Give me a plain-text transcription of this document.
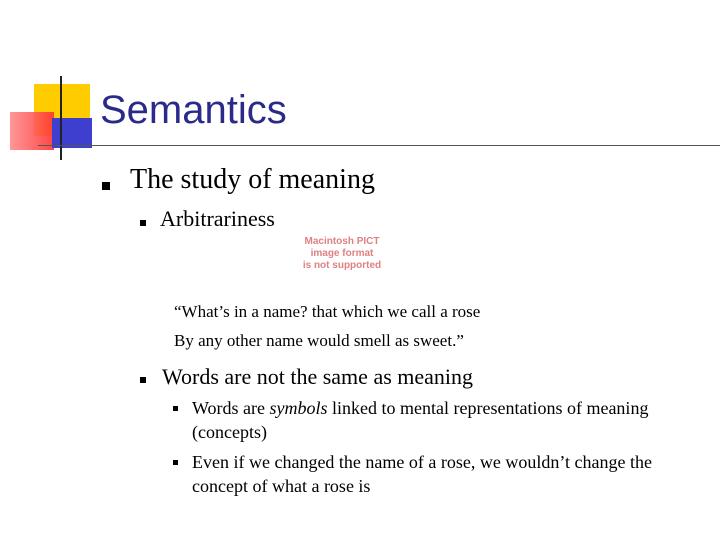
Semantics
The study of meaning
Arbitrariness
Macintosh PICT
image format
is not supported
“What’s in a name? that which we call a rose
By any other name would smell as sweet.”
Words are not the same as meaning
Words are symbols linked to mental representations of meaning (concepts)
Even if we changed the name of a rose, we wouldn’t change the concept of what a rose is
